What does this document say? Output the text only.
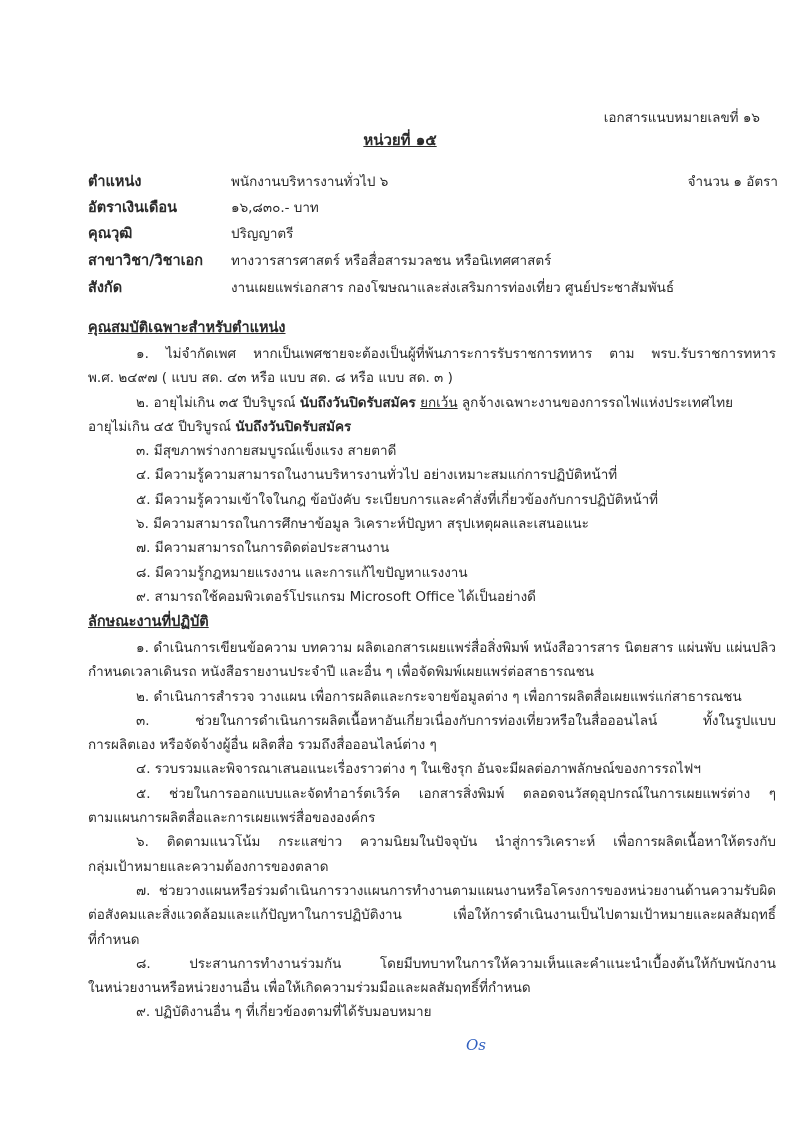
เอกสารแนบหมายเลขที่ ๑๖
หน่วยที่ ๑๕
ตำแหน่ง	พนักงานบริหารงานทั่วไป ๖	จำนวน ๑ อัตรา
อัตราเงินเดือน	๑๖,๘๓๐.- บาท
คุณวุฒิ	ปริญญาตรี
สาขาวิชา/วิชาเอก ทางวารสารศาสตร์ หรือสื่อสารมวลชน หรือนิเทศศาสตร์
สังกัด	งานเผยแพร่เอกสาร กองโฆษณาและส่งเสริมการท่องเที่ยว ศูนย์ประชาสัมพันธ์
คุณสมบัติเฉพาะสำหรับตำแหน่ง
๑. ไม่จำกัดเพศ หากเป็นเพศชายจะต้องเป็นผู้ที่พ้นภาระการรับราชการทหาร ตาม พรบ.รับราชการทหาร
พ.ศ. ๒๔๙๗ ( แบบ สด. ๔๓ หรือ แบบ สด. ๘ หรือ แบบ สด. ๓ )
๒. อายุไม่เกิน ๓๕ ปีบริบูรณ์ นับถึงวันปิดรับสมัคร ยกเว้น ลูกจ้างเฉพาะงานของการรถไฟแห่งประเทศไทย
อายุไม่เกิน ๔๕ ปีบริบูรณ์ นับถึงวันปิดรับสมัคร
๓. มีสุขภาพร่างกายสมบูรณ์แข็งแรง สายตาดี
๔. มีความรู้ความสามารถในงานบริหารงานทั่วไป อย่างเหมาะสมแก่การปฏิบัติหน้าที่
๕. มีความรู้ความเข้าใจในกฎ ข้อบังคับ ระเบียบการและคำสั่งที่เกี่ยวข้องกับการปฏิบัติหน้าที่
๖. มีความสามารถในการศึกษาข้อมูล วิเคราะห์ปัญหา สรุปเหตุผลและเสนอแนะ
๗. มีความสามารถในการติดต่อประสานงาน
๘. มีความรู้กฎหมายแรงงาน และการแก้ไขปัญหาแรงงาน
๙. สามารถใช้คอมพิวเตอร์โปรแกรม Microsoft Office ได้เป็นอย่างดี
ลักษณะงานที่ปฏิบัติ
๑. ดำเนินการเขียนข้อความ บทความ ผลิตเอกสารเผยแพร่สื่อสิ่งพิมพ์ หนังสือวารสาร นิตยสาร แผ่นพับ แผ่นปลิว
กำหนดเวลาเดินรถ หนังสือรายงานประจำปี และอื่น ๆ เพื่อจัดพิมพ์เผยแพร่ต่อสาธารณชน
๒. ดำเนินการสำรวจ วางแผน เพื่อการผลิตและกระจายข้อมูลต่าง ๆ เพื่อการผลิตสื่อเผยแพร่แก่สาธารณชน
๓. ช่วยในการดำเนินการผลิตเนื้อหาอันเกี่ยวเนื่องกับการท่องเที่ยวหรือในสื่อออนไลน์ ทั้งในรูปแบบ
การผลิตเอง หรือจัดจ้างผู้อื่น ผลิตสื่อ รวมถึงสื่อออนไลน์ต่าง ๆ
๔. รวบรวมและพิจารณาเสนอแนะเรื่องราวต่าง ๆ ในเชิงรุก อันจะมีผลต่อภาพลักษณ์ของการรถไฟฯ
๕. ช่วยในการออกแบบและจัดทำอาร์ตเวิร์ค เอกสารสิ่งพิมพ์ ตลอดจนวัสดุอุปกรณ์ในการเผยแพร่ต่าง ๆ
ตามแผนการผลิตสื่อและการเผยแพร่สื่อขององค์กร
๖. ติดตามแนวโน้ม กระแสข่าว ความนิยมในปัจจุบัน นำสู่การวิเคราะห์ เพื่อการผลิตเนื้อหาให้ตรงกับ
กลุ่มเป้าหมายและความต้องการของตลาด
๗. ช่วยวางแผนหรือร่วมดำเนินการวางแผนการทำงานตามแผนงานหรือโครงการของหน่วยงานด้านความรับผิด
ต่อสังคมและสิ่งแวดล้อมและแก้ปัญหาในการปฏิบัติงาน เพื่อให้การดำเนินงานเป็นไปตามเป้าหมายและผลสัมฤทธิ์
ที่กำหนด
๘. ประสานการทำงานร่วมกัน โดยมีบทบาทในการให้ความเห็นและคำแนะนำเบื้องต้นให้กับพนักงาน
ในหน่วยงานหรือหน่วยงานอื่น เพื่อให้เกิดความร่วมมือและผลสัมฤทธิ์ที่กำหนด
๙. ปฏิบัติงานอื่น ๆ ที่เกี่ยวข้องตามที่ได้รับมอบหมาย
Os
